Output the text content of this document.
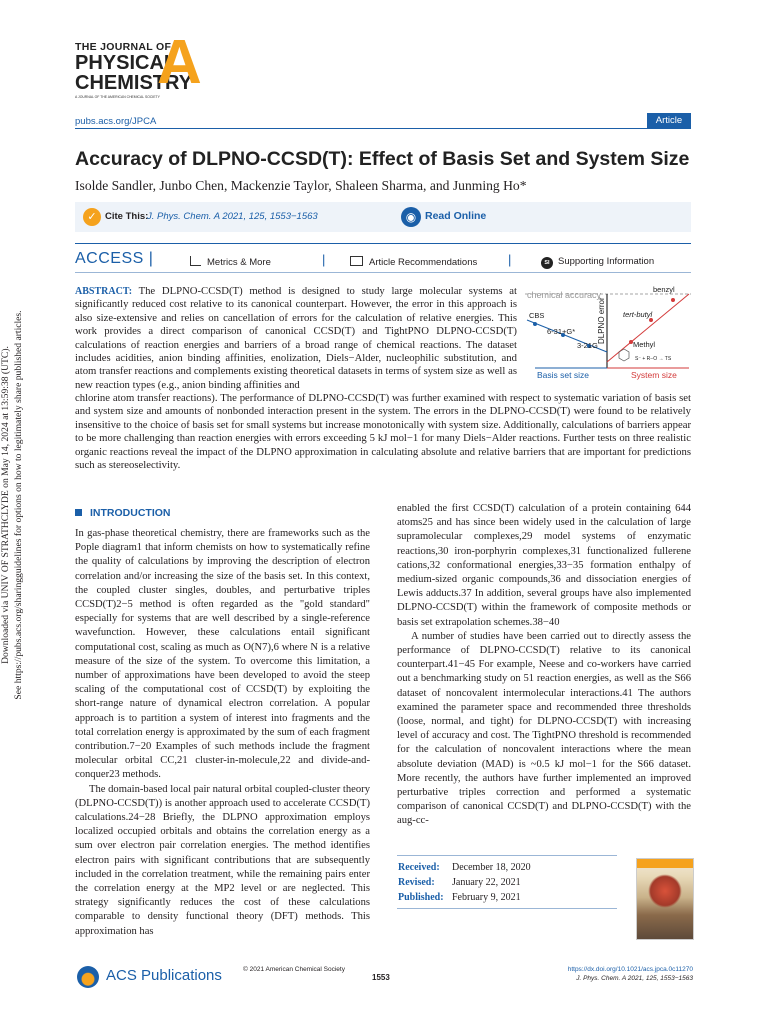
Downloaded via UNIV OF STRATHCLYDE on May 14, 2024 at 13:59:38 (UTC). See https://pubs.acs.org/sharingguidelines for options on how to legitimately share published articles.
THE JOURNAL OF
PHYSICAL
CHEMISTRY
A JOURNAL OF THE AMERICAN CHEMICAL SOCIETY
A
pubs.acs.org/JPCA	Article
Accuracy of DLPNO-CCSD(T): Effect of Basis Set and System Size
Isolde Sandler, Junbo Chen, Mackenzie Taylor, Shaleen Sharma, and Junming Ho*
✓ Cite This:
J. Phys. Chem. A 2021, 125, 1553−1563	◉ Read Online
ACCESS |	Metrics & More	|	Article Recommendations |	SI Supporting Information
ABSTRACT: The DLPNO-CCSD(T) method is designed to study large molecular systems at significantly reduced cost relative to its canonical counterpart. However, the error in this approach is also size-extensive and relies on cancellation of errors for the calculation of relative energies. This work provides a direct comparison of canonical CCSD(T) and TightPNO DLPNO-CCSD(T) calculations of reaction energies and barriers of a broad range of chemical reactions. The dataset includes acidities, anion binding affinities, enolization, Diels−Alder, nucleophilic substitution, and atom transfer reactions and complements existing theoretical datasets in terms of system size as well as new reaction types (e.g., anion binding affinities and
chlorine atom transfer reactions). The performance of DLPNO-CCSD(T) was further examined with respect to systematic variation of basis set and system size and amounts of nonbonded interaction present in the system. The errors in the DLPNO-CCSD(T) were found to be relatively insensitive to the choice of basis set for small systems but increase monotonically with system size. Additionally, calculations of barriers appear to be more challenging than reaction energies with errors exceeding 5 kJ mol−1 for many Diels−Alder reactions. Further tests on three realistic organic reactions reveal the impact of the DLPNO approximation in calculating absolute and relative barriers that are important for predictions such as stereoselectivity.
chemical accuracy
benzyl
tert-butyl
Methyl
CBS
6-31+G*
3-21G
S⁻ + R−O → TS
Basis set size	System size
DLPNO error
INTRODUCTION

In gas-phase theoretical chemistry, there are frameworks such as the Pople diagram1 that inform chemists on how to systematically refine the quality of calculations by improving the description of electron correlation and/or increasing the size of the basis set. In this context, the coupled cluster singles, doubles, and perturbative triples CCSD(T)2−5 method is often regarded as the "gold standard" especially for systems that are well described by a single-reference wavefunction. However, these calculations entail significant computational cost, scaling as much as O(N7),6 where N is a relative measure of the size of the system. To overcome this limitation, a number of approximations have been developed to avoid the steep scaling of the computational cost of CCSD(T) by exploiting the short-range nature of dynamical electron correlation. A popular approach is to partition a system of interest into fragments and the total correlation energy is approximated by the sum of each fragment contribution.7−20 Examples of such methods include the fragment molecular orbital CC,21 cluster-in-molecule,22 and divide-and-conquer23 methods.

The domain-based local pair natural orbital coupled-cluster theory (DLPNO-CCSD(T)) is another approach used to accelerate CCSD(T) calculations.24−28 Briefly, the DLPNO approximation employs localized occupied orbitals and obtains the correlation energy as a sum over electron pair correlation energies. The method identifies electron pairs with significant contributions that are subsequently included in the correlation treatment, while the remaining pairs enter the correlation energy at the MP2 level or are neglected. This strategy significantly reduces the cost of these calculations comparable to density functional theory (DFT) methods. This approximation has

enabled the first CCSD(T) calculation of a protein containing 644 atoms25 and has since been widely used in the calculation of large supramolecular complexes,29 model systems of enzymatic reactions,30 iron-porphyrin complexes,31 functionalized fullerene cations,32 conformational energies,33−35 formation enthalpy of medium-sized organic compounds,36 and dissociation energies of Lewis adducts.37 In addition, several groups have also implemented DLPNO-CCSD(T) within the framework of composite methods or basis set extrapolation schemes.38−40

A number of studies have been carried out to directly assess the performance of DLPNO-CCSD(T) relative to its canonical counterpart.41−45 For example, Neese and co-workers have carried out a benchmarking study on 51 reaction energies, as well as the S66 dataset of noncovalent intermolecular interactions.41 The authors examined the parameter space and recommended three thresholds (loose, normal, and tight) for DLPNO-CCSD(T) with increasing level of accuracy and cost. The TightPNO threshold is recommended for the calculation of noncovalent interactions where the mean absolute deviation (MAD) is ~0.5 kJ mol−1 for the S66 dataset. More recently, the authors have further implemented an improved perturbative triples correction and performed a systematic comparison of canonical CCSD(T) and DLPNO-CCSD(T) with the aug-cc-

Received: December 18, 2020
Revised: January 22, 2021
Published: February 9, 2021
ACS Publications	© 2021 American Chemical Society
1553
https://dx.doi.org/10.1021/acs.jpca.0c11270
J. Phys. Chem. A 2021, 125, 1553−1563
